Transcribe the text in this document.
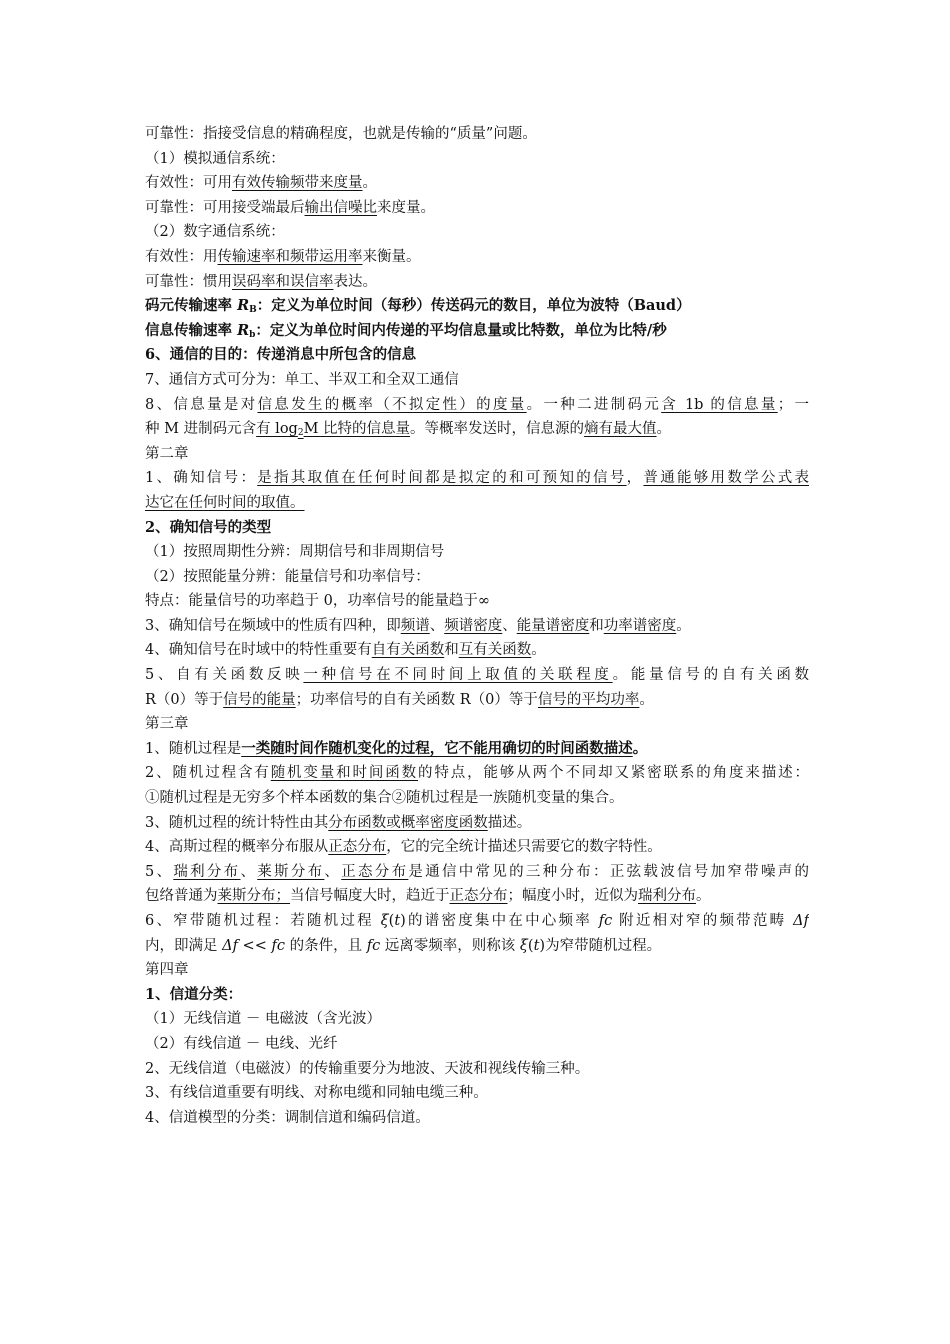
可靠性：指接受信息的精确程度，也就是传输的“质量”问题。
（1）模拟通信系统：
有效性：可用有效传输频带来度量。
可靠性：可用接受端最后输出信噪比来度量。
（2）数字通信系统：
有效性：用传输速率和频带运用率来衡量。
可靠性：惯用误码率和误信率表达。
码元传输速率 $R_B$：定义为单位时间（每秒）传送码元的数目，单位为波特（Baud）
信息传输速率 $R_b$：定义为单位时间内传递的平均信息量或比特数，单位为比特/秒
6、通信的目的：传递消息中所包含的信息
7、通信方式可分为：单工、半双工和全双工通信
8、信息量是对信息发生的概率（不拟定性）的度量。一种二进制码元含 1b 的信息量；一
种 M 进制码元含有 $\log_2M$ 比特的信息量。等概率发送时，信息源的熵有最大值。
第二章
1、确知信号：是指其取值在任何时间都是拟定的和可预知的信号，普通能够用数学公式表
达它在任何时间的取值。
2、确知信号的类型
（1）按照周期性分辨：周期信号和非周期信号
（2）按照能量分辨：能量信号和功率信号：
特点：能量信号的功率趋于 0，功率信号的能量趋于∞
3、确知信号在频域中的性质有四种，即频谱、频谱密度、能量谱密度和功率谱密度。
4、确知信号在时域中的特性重要有自有关函数和互有关函数。
5、自有关函数反映一种信号在不同时间上取值的关联程度。能量信号的自有关函数
R（0）等于信号的能量；功率信号的自有关函数 R（0）等于信号的平均功率。
第三章
1、随机过程是一类随时间作随机变化的过程，它不能用确切的时间函数描述。
2、随机过程含有随机变量和时间函数的特点，能够从两个不同却又紧密联系的角度来描述：
①随机过程是无穷多个样本函数的集合②随机过程是一族随机变量的集合。
3、随机过程的统计特性由其分布函数或概率密度函数描述。
4、高斯过程的概率分布服从正态分布，它的完全统计描述只需要它的数字特性。
5、瑞利分布、莱斯分布、正态分布是通信中常见的三种分布：正弦载波信号加窄带噪声的
包络普通为莱斯分布；当信号幅度大时，趋近于正态分布；幅度小时，近似为瑞利分布。
6、窄带随机过程：若随机过程 ξ(t)的谱密度集中在中心频率 fc 附近相对窄的频带范畴 Δf
内，即满足 Δf << fc 的条件，且 fc 远离零频率，则称该 ξ(t)为窄带随机过程。
第四章
1、信道分类：
（1）无线信道 － 电磁波（含光波）
（2）有线信道 － 电线、光纤
2、无线信道（电磁波）的传输重要分为地波、天波和视线传输三种。
3、有线信道重要有明线、对称电缆和同轴电缆三种。
4、信道模型的分类：调制信道和编码信道。
